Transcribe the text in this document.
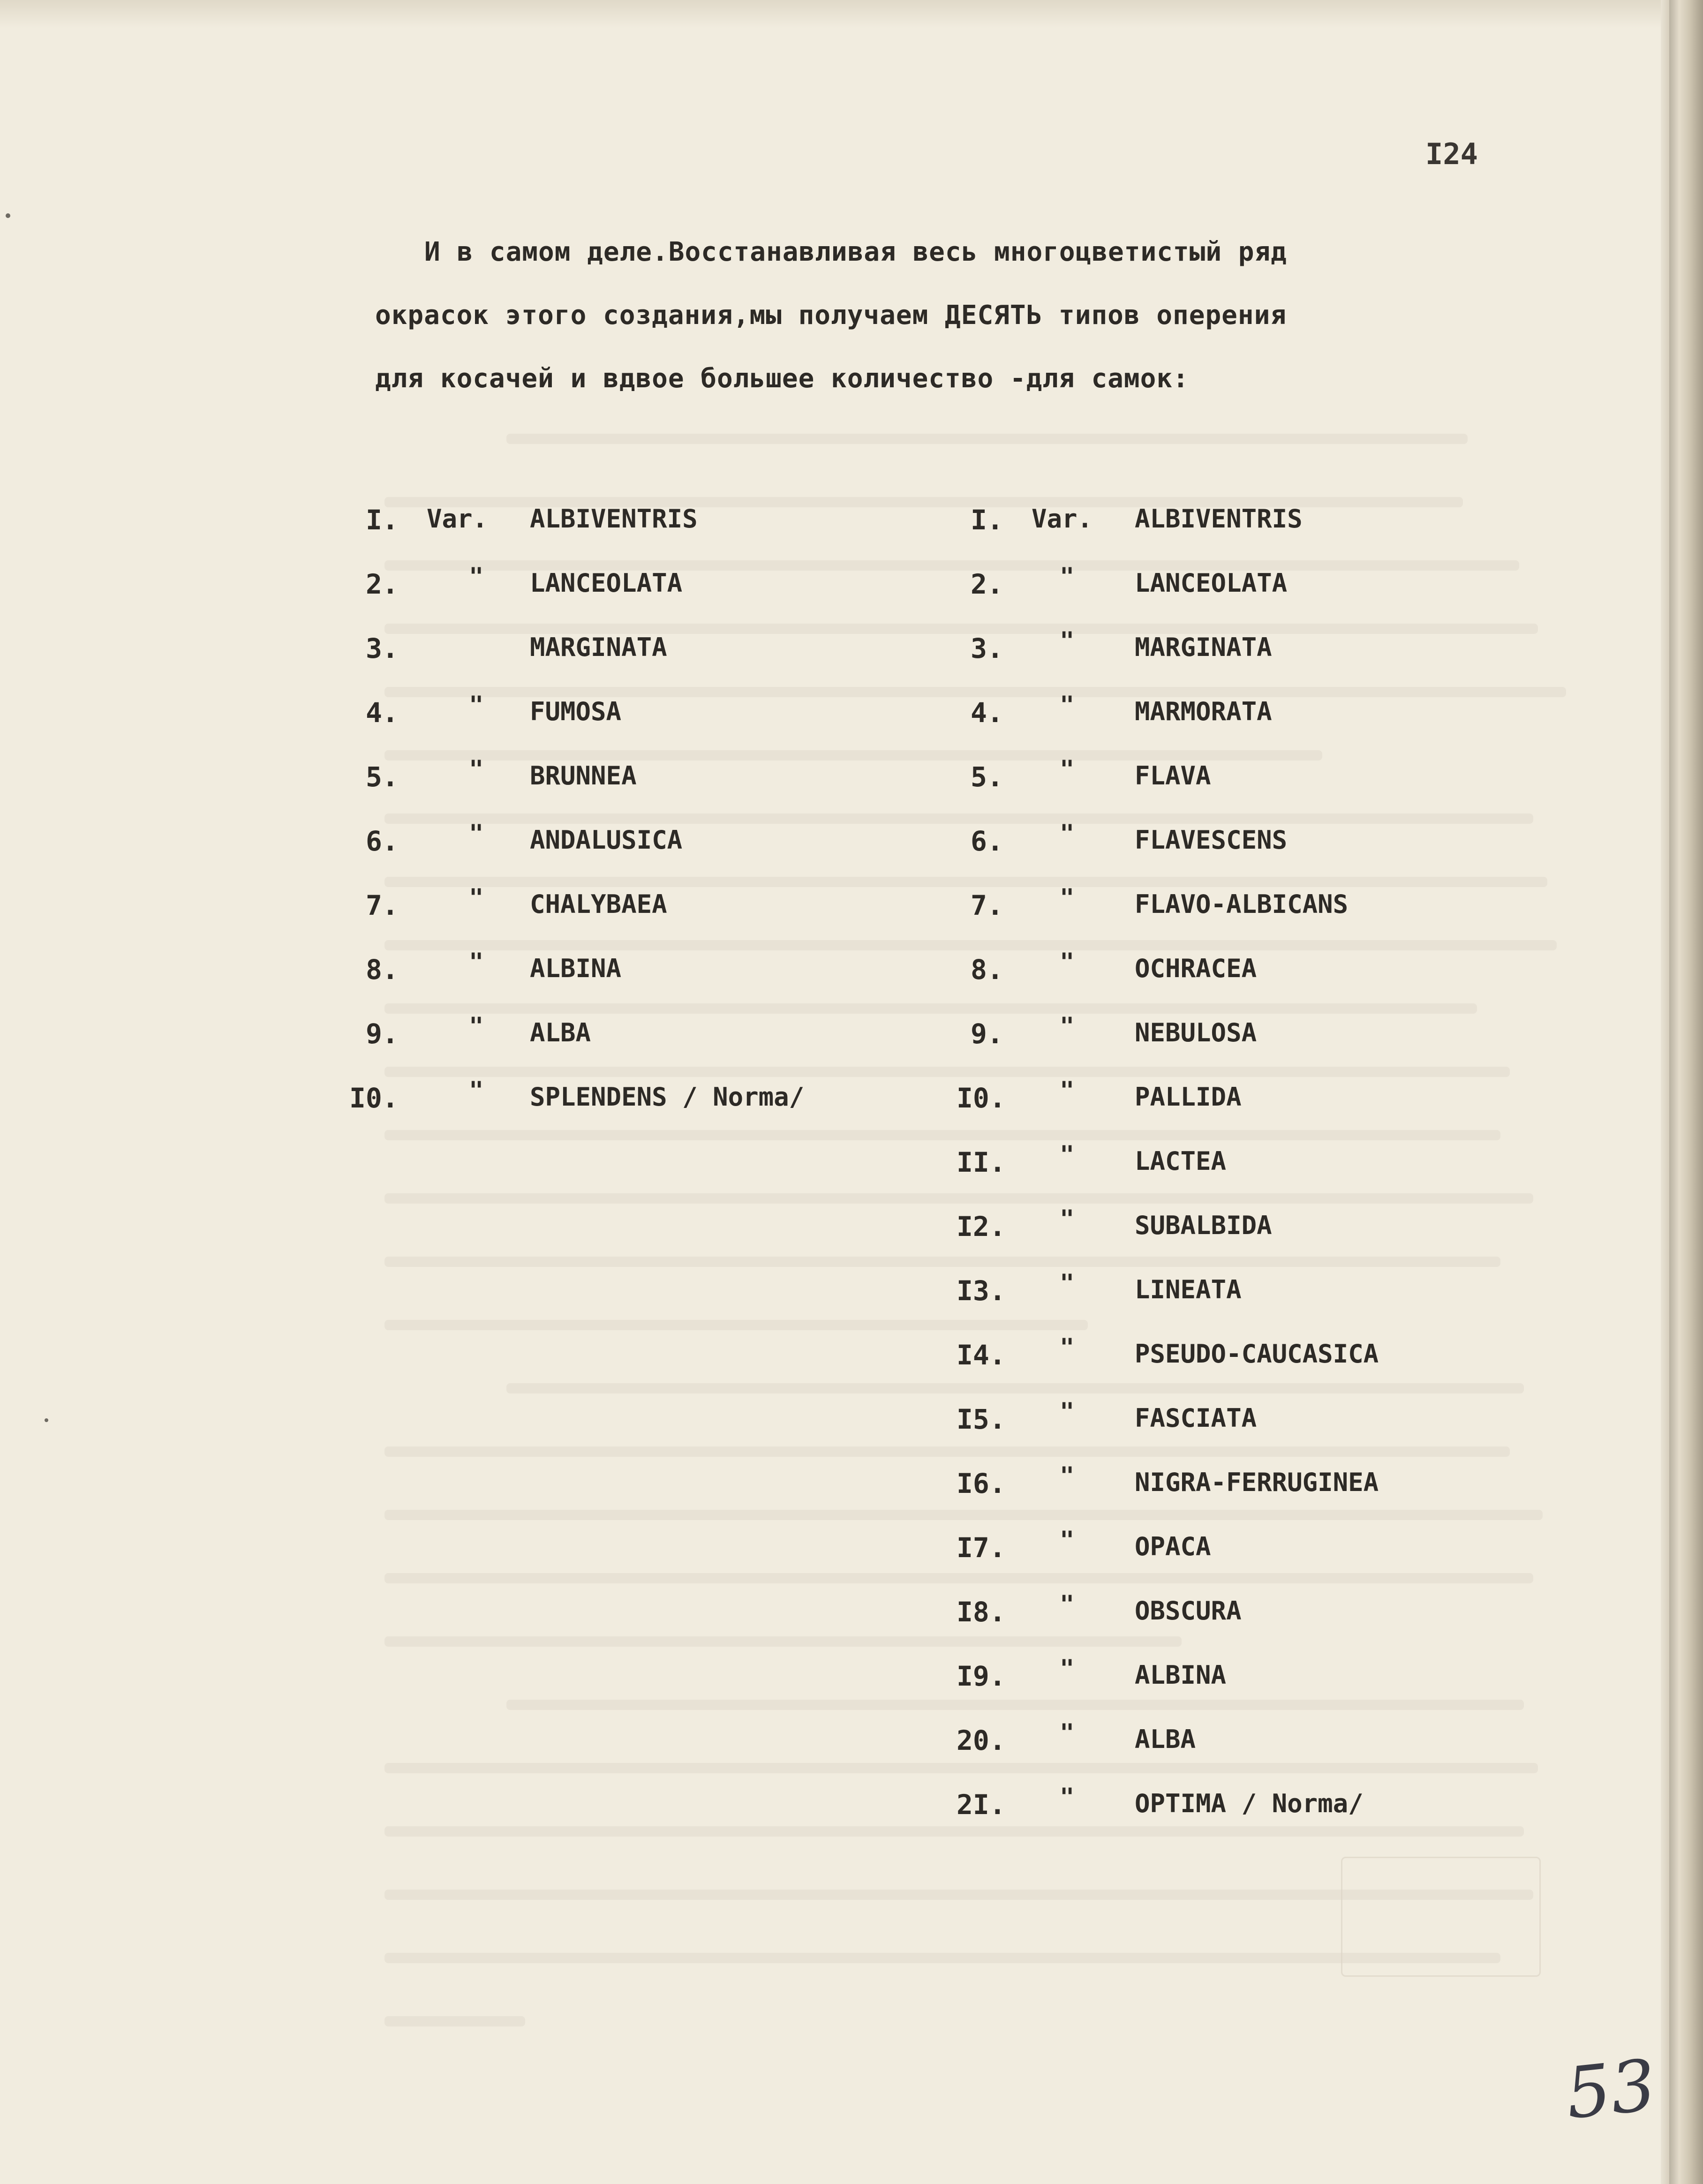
I24

И в самом деле.Восстанавливая весь многоцветистый ряд

окрасок этого создания,мы получаем ДЕСЯТЬ типов оперения

для косачей и вдвое большее количество -для самок:

I. Var. ALBIVENTRIS

2.	" LANCEOLATA

3.	MARGINATA

4.	" FUMOSA

5.	" BRUNNEA

6.	" ANDALUSICA

7.	" CHALYBAEA

8.	" ALBINA

9.	" ALBA

I0.	" SPLENDENS / Norma/

I. Var. ALBIVENTRIS

2. " LANCEOLATA

3. " MARGINATA

4. " MARMORATA

5. " FLAVA

6. " FLAVESCENS

7. " FLAVO-ALBICANS

8. " OCHRACEA

9. " NEBULOSA

I0. " PALLIDA

II. " LACTEA

I2. " SUBALBIDA

I3. " LINEATA

I4. " PSEUDO-CAUCASICA

I5. " FASCIATA

I6. " NIGRA-FERRUGINEA

I7. " OPACA

I8. " OBSCURA

I9. " ALBINA

20. " ALBA

2I. " OPTIMA / Norma/

53
